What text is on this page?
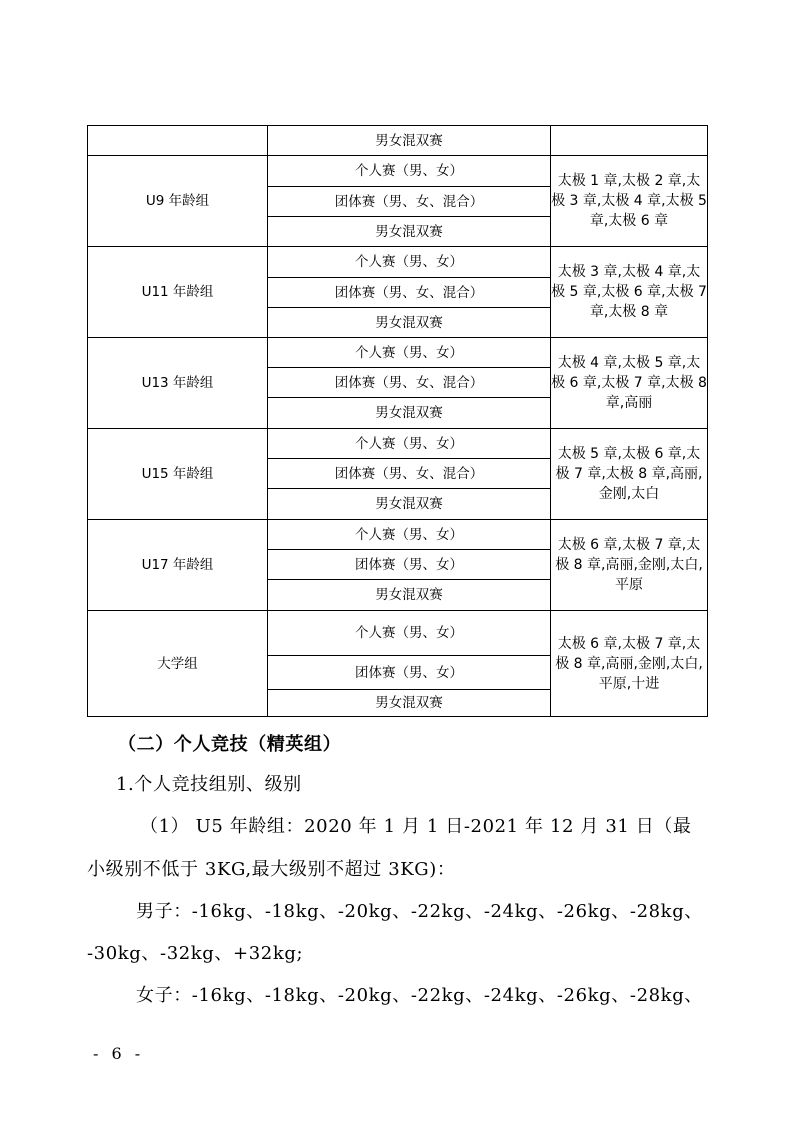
	男女混双赛	
U9 年龄组	个人赛（男、女）	太极 1 章,太极 2 章,太极 3 章,太极 4 章,太极 5 章,太极 6 章
	团体赛（男、女、混合）	
	男女混双赛	
U11 年龄组	个人赛（男、女）	太极 3 章,太极 4 章,太极 5 章,太极 6 章,太极 7 章,太极 8 章
	团体赛（男、女、混合）	
	男女混双赛	
U13 年龄组	个人赛（男、女）	太极 4 章,太极 5 章,太极 6 章,太极 7 章,太极 8 章,高丽
	团体赛（男、女、混合）	
	男女混双赛	
U15 年龄组	个人赛（男、女）	太极 5 章,太极 6 章,太极 7 章,太极 8 章,高丽,金刚,太白
	团体赛（男、女、混合）	
	男女混双赛	
U17 年龄组	个人赛（男、女）	太极 6 章,太极 7 章,太极 8 章,高丽,金刚,太白,平原
	团体赛（男、女）	
	男女混双赛	
大学组	个人赛（男、女）	太极 6 章,太极 7 章,太极 8 章,高丽,金刚,太白,平原,十进
	团体赛（男、女）	
	男女混双赛	
（二）个人竞技（精英组）
1.个人竞技组别、级别
（1） U5 年龄组：2020 年 1 月 1 日-2021 年 12 月 31 日（最
小级别不低于 3KG,最大级别不超过 3KG)：
男子：-16kg、-18kg、-20kg、-22kg、-24kg、-26kg、-28kg、
-30kg、-32kg、+32kg;
女子：-16kg、-18kg、-20kg、-22kg、-24kg、-26kg、-28kg、
- 6 -
